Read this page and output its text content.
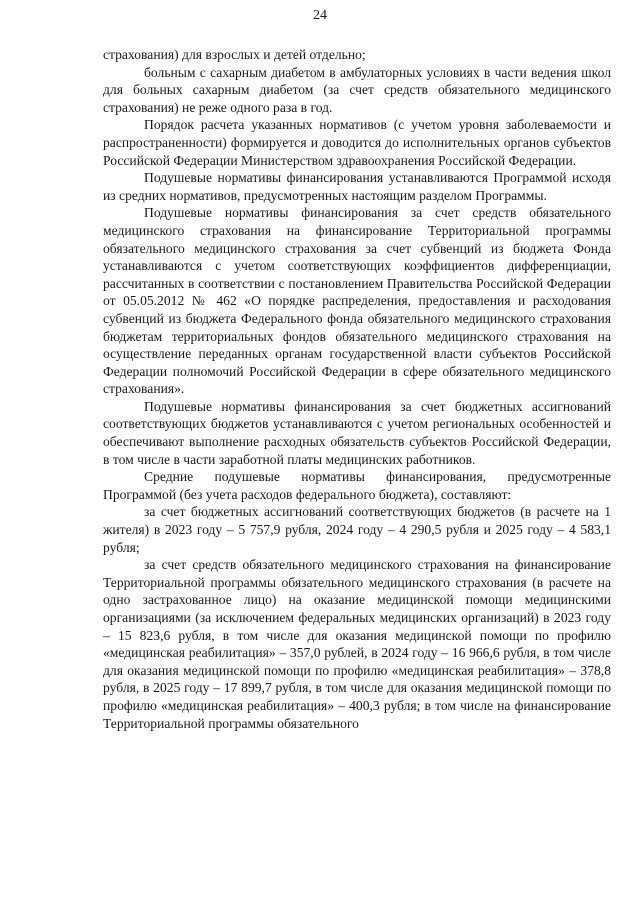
24

страхования) для взрослых и детей отдельно;

больным с сахарным диабетом в амбулаторных условиях в части ведения школ для больных сахарным диабетом (за счет средств обязательного медицинского страхования) не реже одного раза в год.

Порядок расчета указанных нормативов (с учетом уровня заболеваемости и распространенности) формируется и доводится до исполнительных органов субъектов Российской Федерации Министерством здравоохранения Российской Федерации.

Подушевые нормативы финансирования устанавливаются Программой исходя из средних нормативов, предусмотренных настоящим разделом Программы.

Подушевые нормативы финансирования за счет средств обязательного медицинского страхования на финансирование Территориальной программы обязательного медицинского страхования за счет субвенций из бюджета Фонда устанавливаются с учетом соответствующих коэффициентов дифференциации, рассчитанных в соответствии с постановлением Правительства Российской Федерации от 05.05.2012 № 462 «О порядке распределения, предоставления и расходования субвенций из бюджета Федерального фонда обязательного медицинского страхования бюджетам территориальных фондов обязательного медицинского страхования на осуществление переданных органам государственной власти субъектов Российской Федерации полномочий Российской Федерации в сфере обязательного медицинского страхования».

Подушевые нормативы финансирования за счет бюджетных ассигнований соответствующих бюджетов устанавливаются с учетом региональных особенностей и обеспечивают выполнение расходных обязательств субъектов Российской Федерации, в том числе в части заработной платы медицинских работников.

Средние подушевые нормативы финансирования, предусмотренные Программой (без учета расходов федерального бюджета), составляют:

за счет бюджетных ассигнований соответствующих бюджетов (в расчете на 1 жителя) в 2023 году – 5 757,9 рубля, 2024 году – 4 290,5 рубля и 2025 году – 4 583,1 рубля;

за счет средств обязательного медицинского страхования на финансирование Территориальной программы обязательного медицинского страхования (в расчете на одно застрахованное лицо) на оказание медицинской помощи медицинскими организациями (за исключением федеральных медицинских организаций) в 2023 году – 15 823,6 рубля, в том числе для оказания медицинской помощи по профилю «медицинская реабилитация» – 357,0 рублей, в 2024 году – 16 966,6 рубля, в том числе для оказания медицинской помощи по профилю «медицинская реабилитация» – 378,8 рубля, в 2025 году – 17 899,7 рубля, в том числе для оказания медицинской помощи по профилю «медицинская реабилитация» – 400,3 рубля; в том числе на финансирование Территориальной программы обязательного
